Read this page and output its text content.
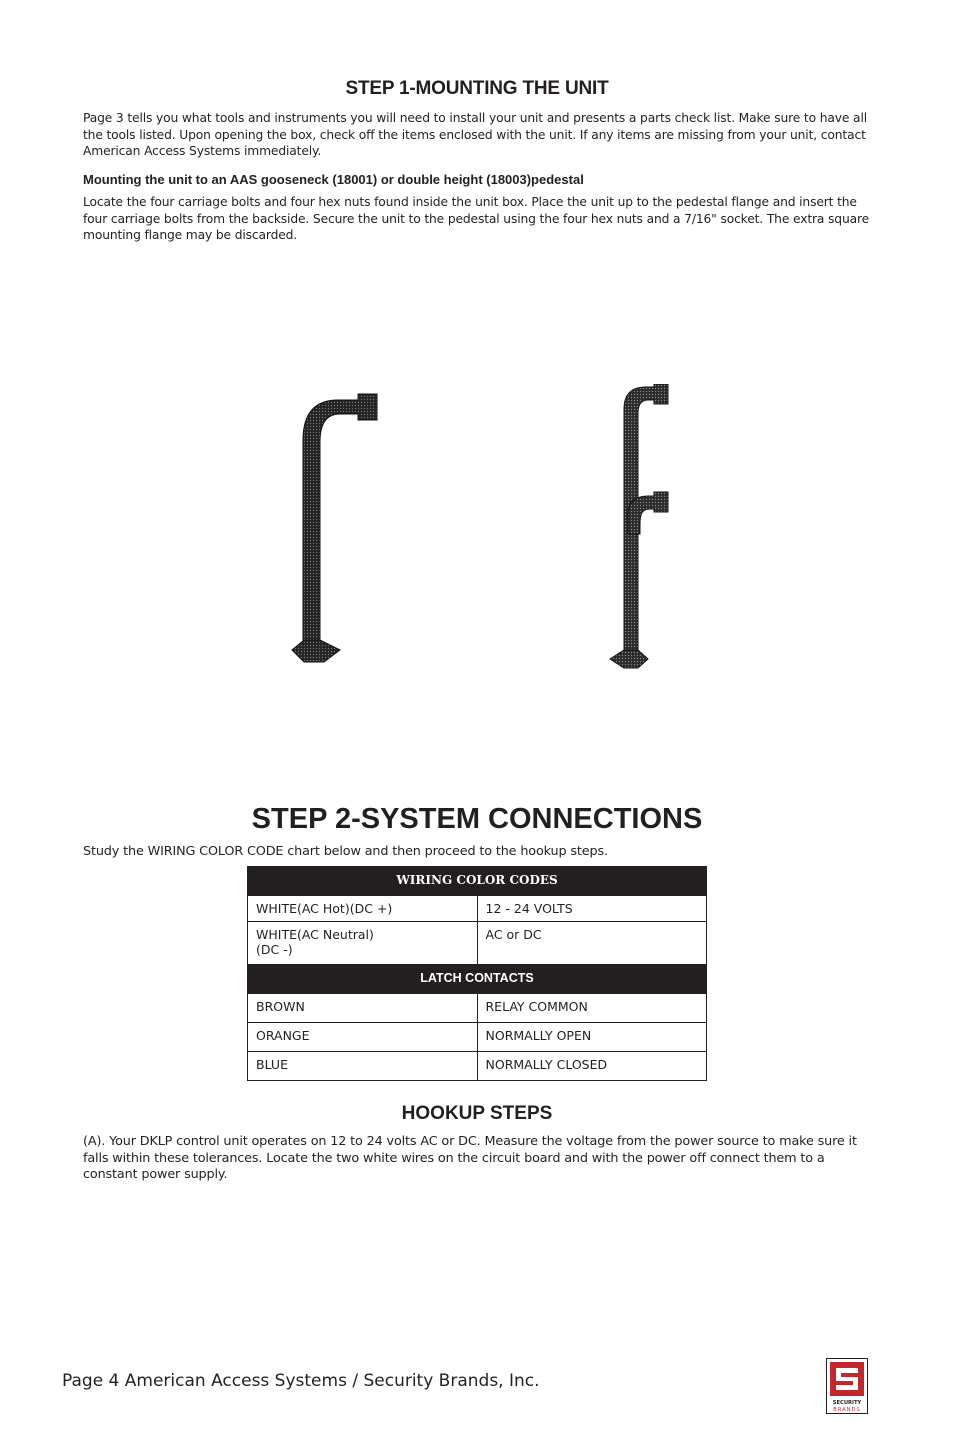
STEP 1-MOUNTING THE UNIT
Page 3 tells you what tools and instruments you will need to install your unit and presents a parts check list. Make sure to have all the tools listed. Upon opening the box, check off the items enclosed with the unit. If any items are missing from your unit, contact American Access Systems immediately.
Mounting the unit to an AAS gooseneck (18001) or double height (18003)pedestal
Locate the four carriage bolts and four hex nuts found inside the unit box. Place the unit up to the pedestal flange and insert the four carriage bolts from the backside. Secure the unit to the pedestal using the four hex nuts and a 7/16" socket. The extra square mounting flange may be discarded.
STEP 2-SYSTEM CONNECTIONS
Study the WIRING COLOR CODE chart below and then proceed to the hookup steps.
WIRING COLOR CODES	
WHITE(AC Hot)(DC +)	12 - 24 VOLTS
WHITE(AC Neutral)
(DC -)	AC or DC
LATCH CONTACTS	
BROWN	RELAY COMMON
ORANGE	NORMALLY OPEN
BLUE	NORMALLY CLOSED
HOOKUP STEPS
(A). Your DKLP control unit operates on 12 to 24 volts AC or DC. Measure the voltage from the power source to make sure it falls within these tolerances. Locate the two white wires on the circuit board and with the power off connect them to a constant power supply.
Page 4 American Access Systems / Security Brands, Inc.
SECURITY
BRANDS
